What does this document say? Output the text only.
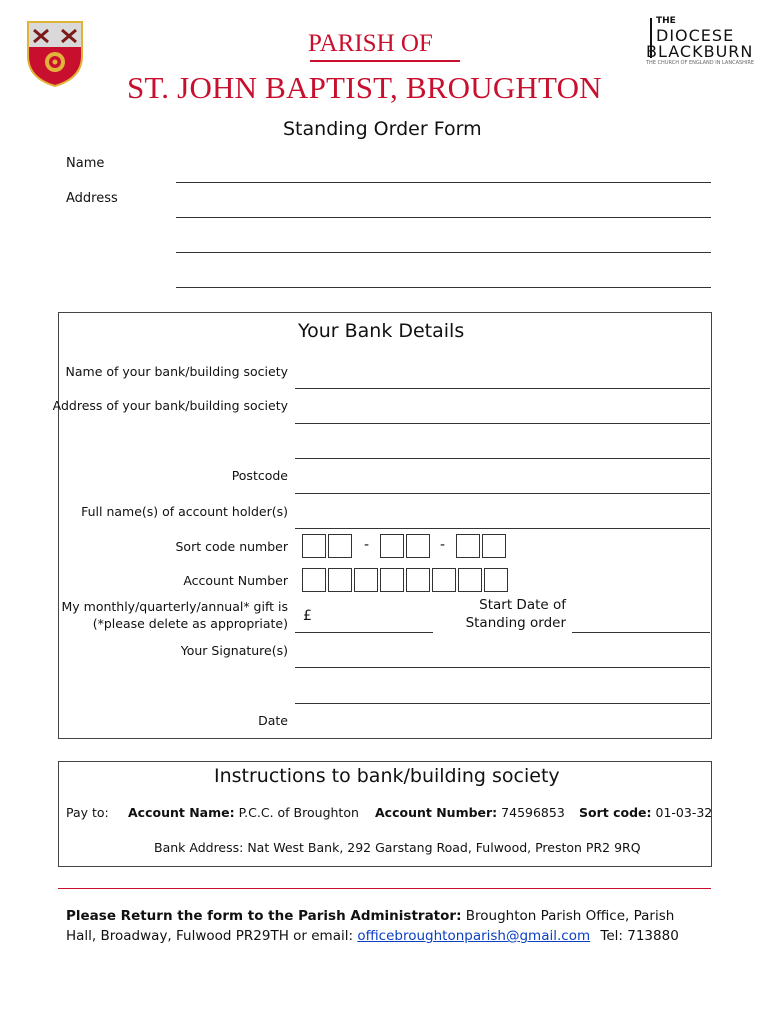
PARISH OF
ST. JOHN BAPTIST, BROUGHTON
THE
DIOCESE
BLACKBURN
THE CHURCH OF ENGLAND IN LANCASHIRE
Standing Order Form
Name
Address
Your Bank Details
Name of your bank/building society
Address of your bank/building society
Postcode
Full name(s) of account holder(s)
Sort code number	-	-
Account Number
My monthly/quarterly/annual* gift is
(*please delete as appropriate) £
Start Date of
Standing order
Your Signature(s)
Date
Instructions to bank/building society
Pay to: Account Name: P.C.C. of Broughton Account Number: 74596853 Sort code: 01-03-32
Bank Address: Nat West Bank, 292 Garstang Road, Fulwood, Preston PR2 9RQ
Please Return the form to the Parish Administrator: Broughton Parish Office, Parish Hall, Broadway, Fulwood PR29TH or email: officebroughtonparish@gmail.com Tel: 713880
